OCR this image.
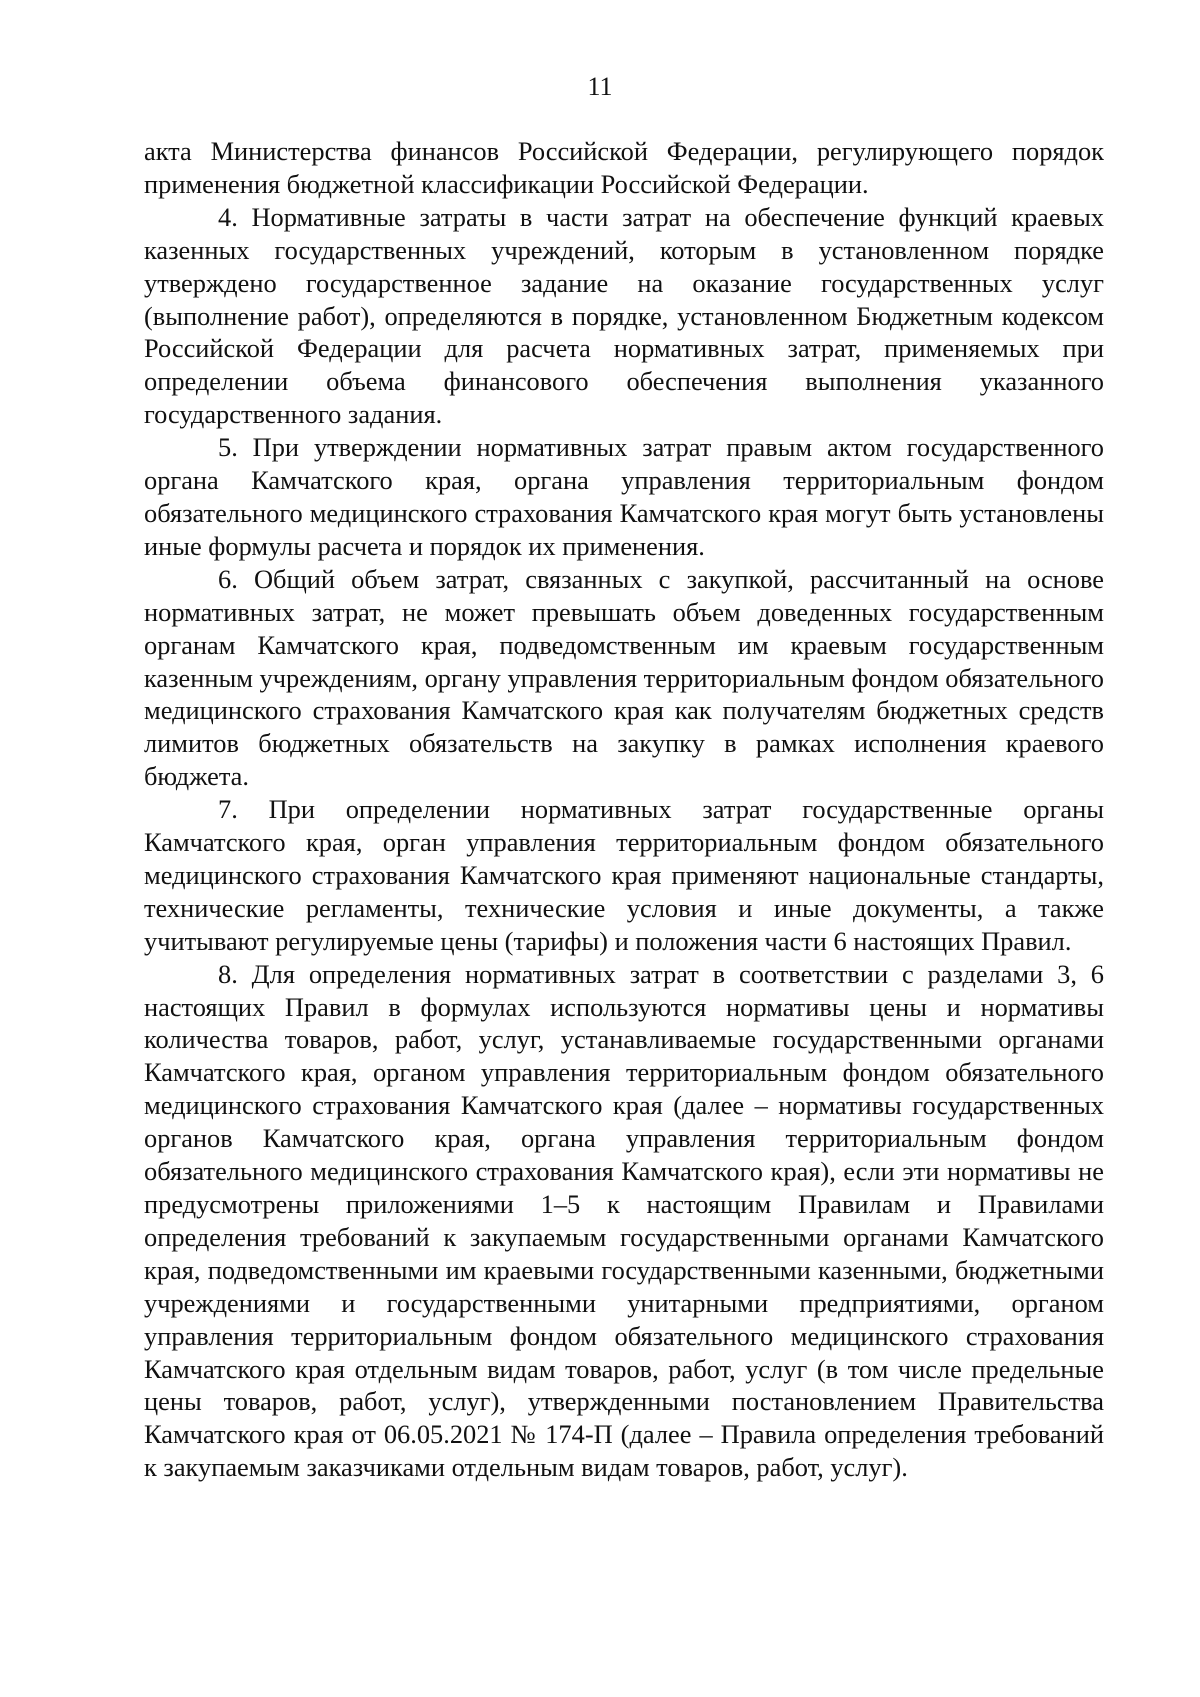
11

акта Министерства финансов Российской Федерации, регулирующего порядок применения бюджетной классификации Российской Федерации.

4. Нормативные затраты в части затрат на обеспечение функций краевых казенных государственных учреждений, которым в установленном порядке утверждено государственное задание на оказание государственных услуг (выполнение работ), определяются в порядке, установленном Бюджетным кодексом Российской Федерации для расчета нормативных затрат, применяемых при определении объема финансового обеспечения выполнения указанного государственного задания.

5. При утверждении нормативных затрат правым актом государственного органа Камчатского края, органа управления территориальным фондом обязательного медицинского страхования Камчатского края могут быть установлены иные формулы расчета и порядок их применения.

6. Общий объем затрат, связанных с закупкой, рассчитанный на основе нормативных затрат, не может превышать объем доведенных государственным органам Камчатского края, подведомственным им краевым государственным казенным учреждениям, органу управления территориальным фондом обязательного медицинского страхования Камчатского края как получателям бюджетных средств лимитов бюджетных обязательств на закупку в рамках исполнения краевого бюджета.

7. При определении нормативных затрат государственные органы Камчатского края, орган управления территориальным фондом обязательного медицинского страхования Камчатского края применяют национальные стандарты, технические регламенты, технические условия и иные документы, а также учитывают регулируемые цены (тарифы) и положения части 6 настоящих Правил.

8. Для определения нормативных затрат в соответствии с разделами 3, 6 настоящих Правил в формулах используются нормативы цены и нормативы количества товаров, работ, услуг, устанавливаемые государственными органами Камчатского края, органом управления территориальным фондом обязательного медицинского страхования Камчатского края (далее – нормативы государственных органов Камчатского края, органа управления территориальным фондом обязательного медицинского страхования Камчатского края), если эти нормативы не предусмотрены приложениями 1–5 к настоящим Правилам и Правилами определения требований к закупаемым государственными органами Камчатского края, подведомственными им краевыми государственными казенными, бюджетными учреждениями и государственными унитарными предприятиями, органом управления территориальным фондом обязательного медицинского страхования Камчатского края отдельным видам товаров, работ, услуг (в том числе предельные цены товаров, работ, услуг), утвержденными постановлением Правительства Камчатского края от 06.05.2021 № 174-П (далее – Правила определения требований к закупаемым заказчиками отдельным видам товаров, работ, услуг).
